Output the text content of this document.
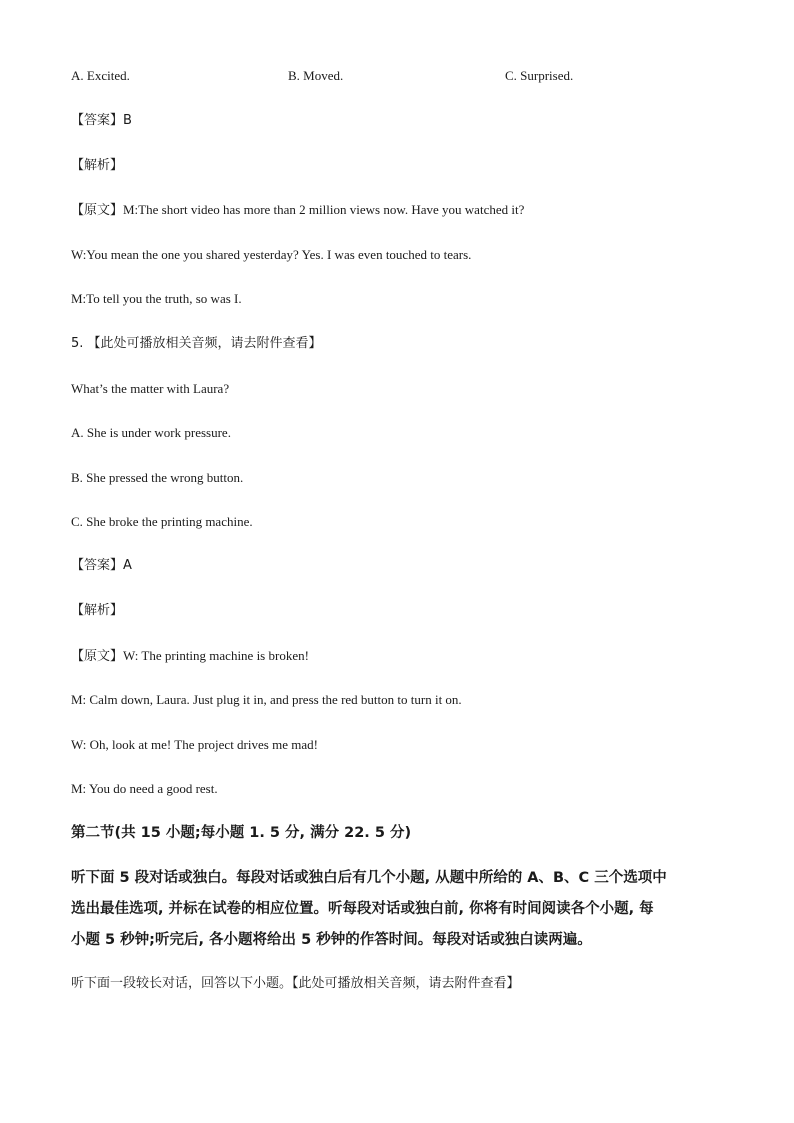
A. Excited.	B. Moved.	C. Surprised.
【答案】B
【解析】
【原文】M:The short video has more than 2 million views now. Have you watched it?
W:You mean the one you shared yesterday? Yes. I was even touched to tears.
M:To tell you the truth, so was I.
5. 【此处可播放相关音频，请去附件查看】
What’s the matter with Laura?
A. She is under work pressure.
B. She pressed the wrong button.
C. She broke the printing machine.
【答案】A
【解析】
【原文】W: The printing machine is broken!
M: Calm down, Laura. Just plug it in, and press the red button to turn it on.
W: Oh, look at me! The project drives me mad!
M: You do need a good rest.
第二节(共 15 小题;每小题 1. 5 分, 满分 22. 5 分)
听下面 5 段对话或独白。每段对话或独白后有几个小题, 从题中所给的 A、B、C 三个选项中
选出最佳选项, 并标在试卷的相应位置。听每段对话或独白前, 你将有时间阅读各个小题, 每
小题 5 秒钟;听完后, 各小题将给出 5 秒钟的作答时间。每段对话或独白读两遍。
听下面一段较长对话，回答以下小题。【此处可播放相关音频，请去附件查看】
